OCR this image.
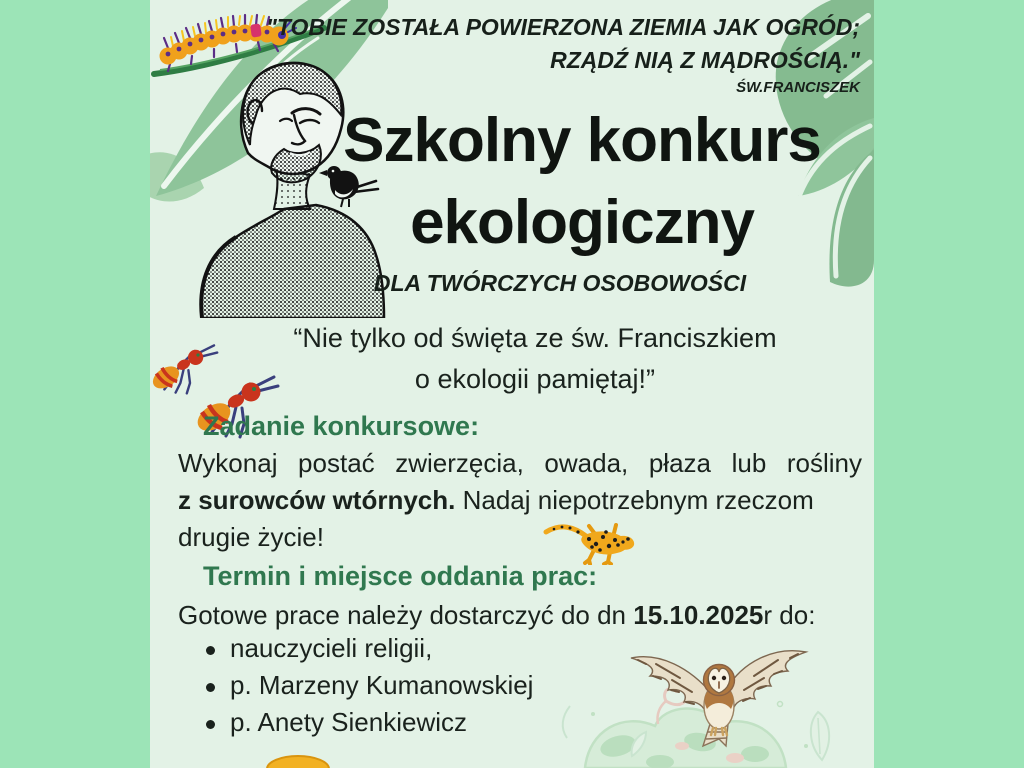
"TOBIE ZOSTAŁA POWIERZONA ZIEMIA JAK OGRÓD;
RZĄDŹ NIĄ Z MĄDROŚCIĄ."
ŚW.FRANCISZEK
Szkolny konkurs
ekologiczny
DLA TWÓRCZYCH OSOBOWOŚCI
“Nie tylko od święta ze św. Franciszkiem
o ekologii pamiętaj!”
Zadanie konkursowe:
Wykonaj postać zwierzęcia, owada, płaza lub rośliny
z surowców wtórnych. Nadaj niepotrzebnym rzeczom
drugie życie!
Termin i miejsce oddania prac:
Gotowe prace należy dostarczyć do dn 15.10.2025r do:
nauczycieli religii,
p. Marzeny Kumanowskiej
p. Anety Sienkiewicz
